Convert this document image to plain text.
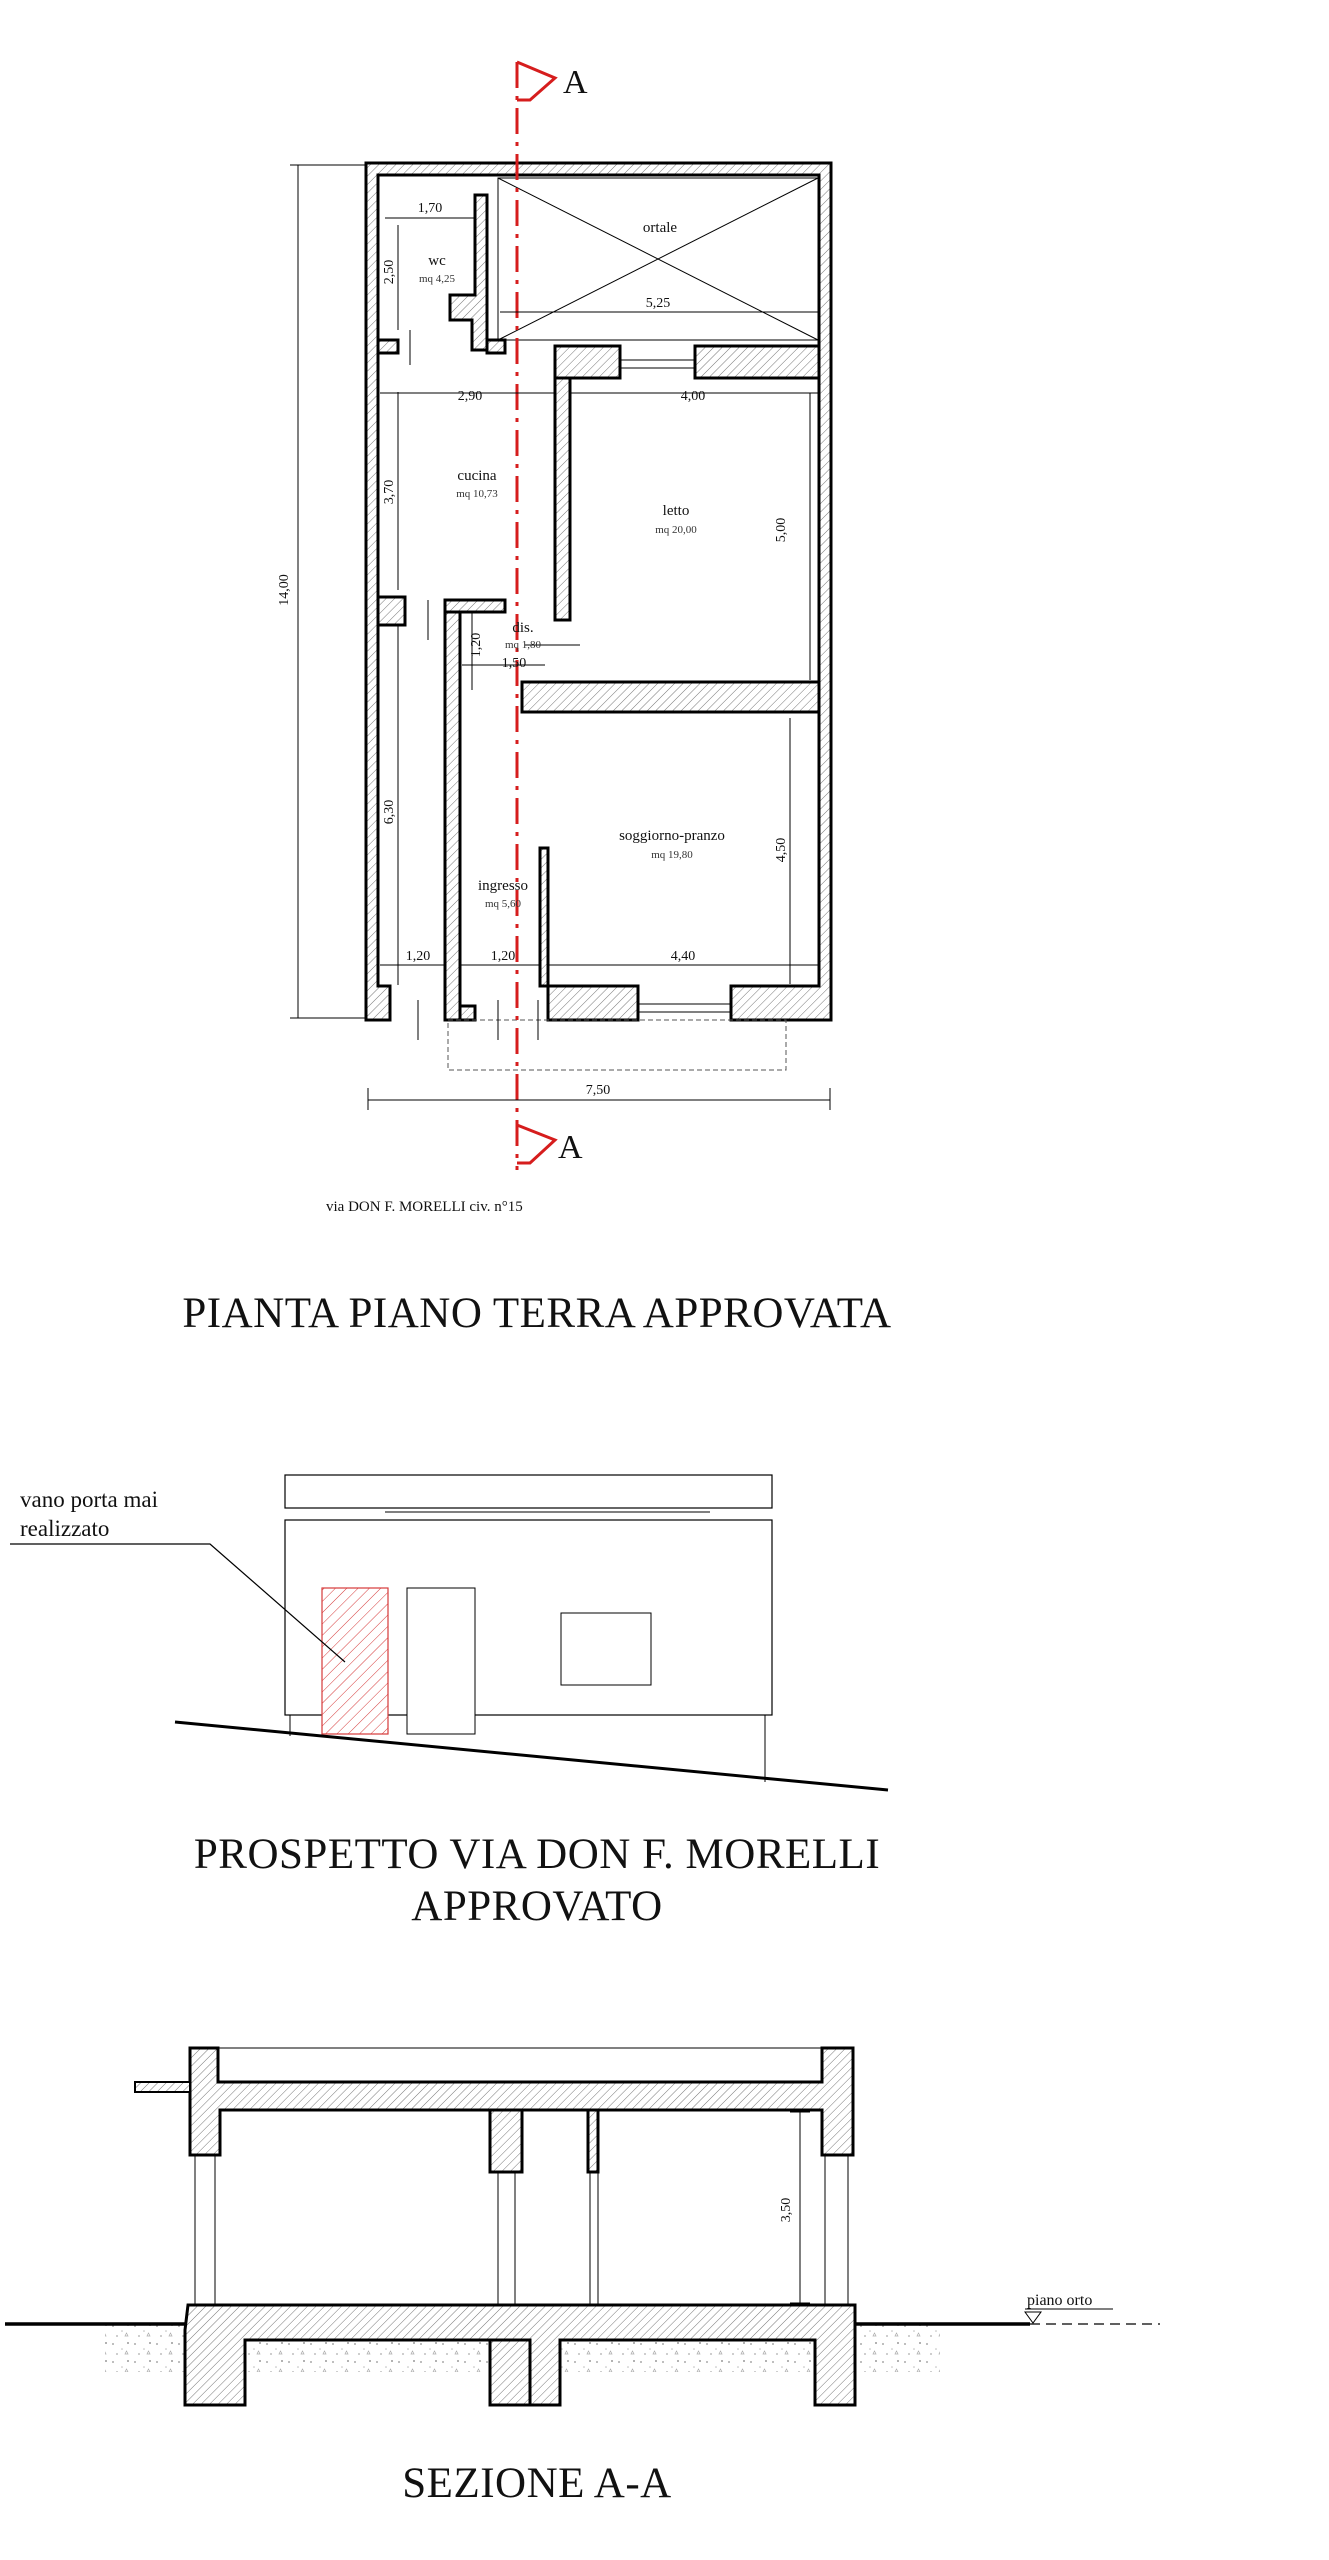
A
A
ortale
wc
mq 4,25
cucina
mq 10,73
letto
mq 20,00
dis.
mq 1,80
soggiorno-pranzo
mq 19,80
ingresso
mq 5,60
1,70
2,50
5,25
2,90	4,00
3,70
5,00
14,00
1,20
1,50
6,30
4,50
1,20	1,20	4,40
7,50
via DON F. MORELLI civ. n°15
PIANTA PIANO TERRA APPROVATA
vano porta mai
realizzato
PROSPETTO VIA DON F. MORELLI
APPROVATO
3,50
piano orto
SEZIONE A-A
